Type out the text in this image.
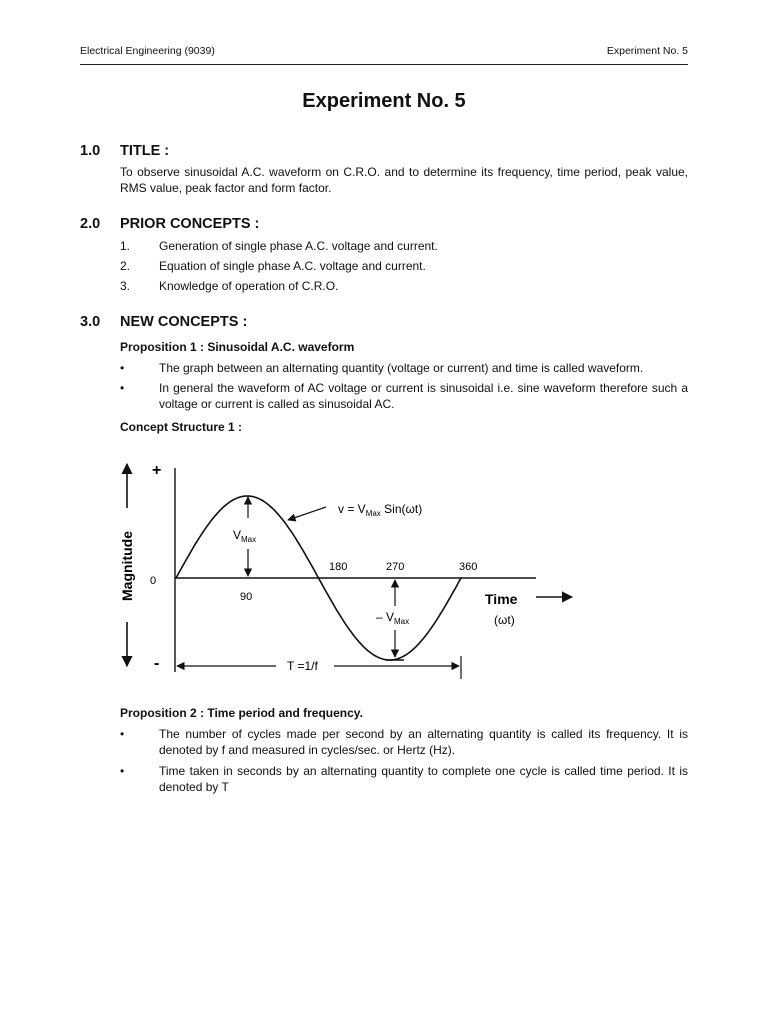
Electrical Engineering (9039)	Experiment No. 5
Experiment No. 5
1.0 TITLE :
To observe sinusoidal A.C. waveform on C.R.O. and to determine its frequency, time period, peak value, RMS value, peak factor and form factor.
2.0 PRIOR CONCEPTS :
1. Generation of single phase A.C. voltage and current.
2. Equation of single phase A.C. voltage and current.
3. Knowledge of operation of C.R.O.
3.0 NEW CONCEPTS :
Proposition 1 : Sinusoidal A.C. waveform
•	The graph between an alternating quantity (voltage or current) and time is called waveform.
•	In general the waveform of AC voltage or current is sinusoidal i.e. sine waveform therefore such a voltage or current is called as sinusoidal AC.
Concept Structure 1 :
Magnitude
+
-
0
$V_{Max}$
– $V_{Max}$
$v = V_{Max}$ Sin(ωt)
90
180	270	360
Time
(ωt)
T =1/f
Proposition 2 : Time period and frequency.
•	The number of cycles made per second by an alternating quantity is called its frequency. It is denoted by f and measured in cycles/sec. or Hertz (Hz).
•	Time taken in seconds by an alternating quantity to complete one cycle is called time period. It is denoted by T
